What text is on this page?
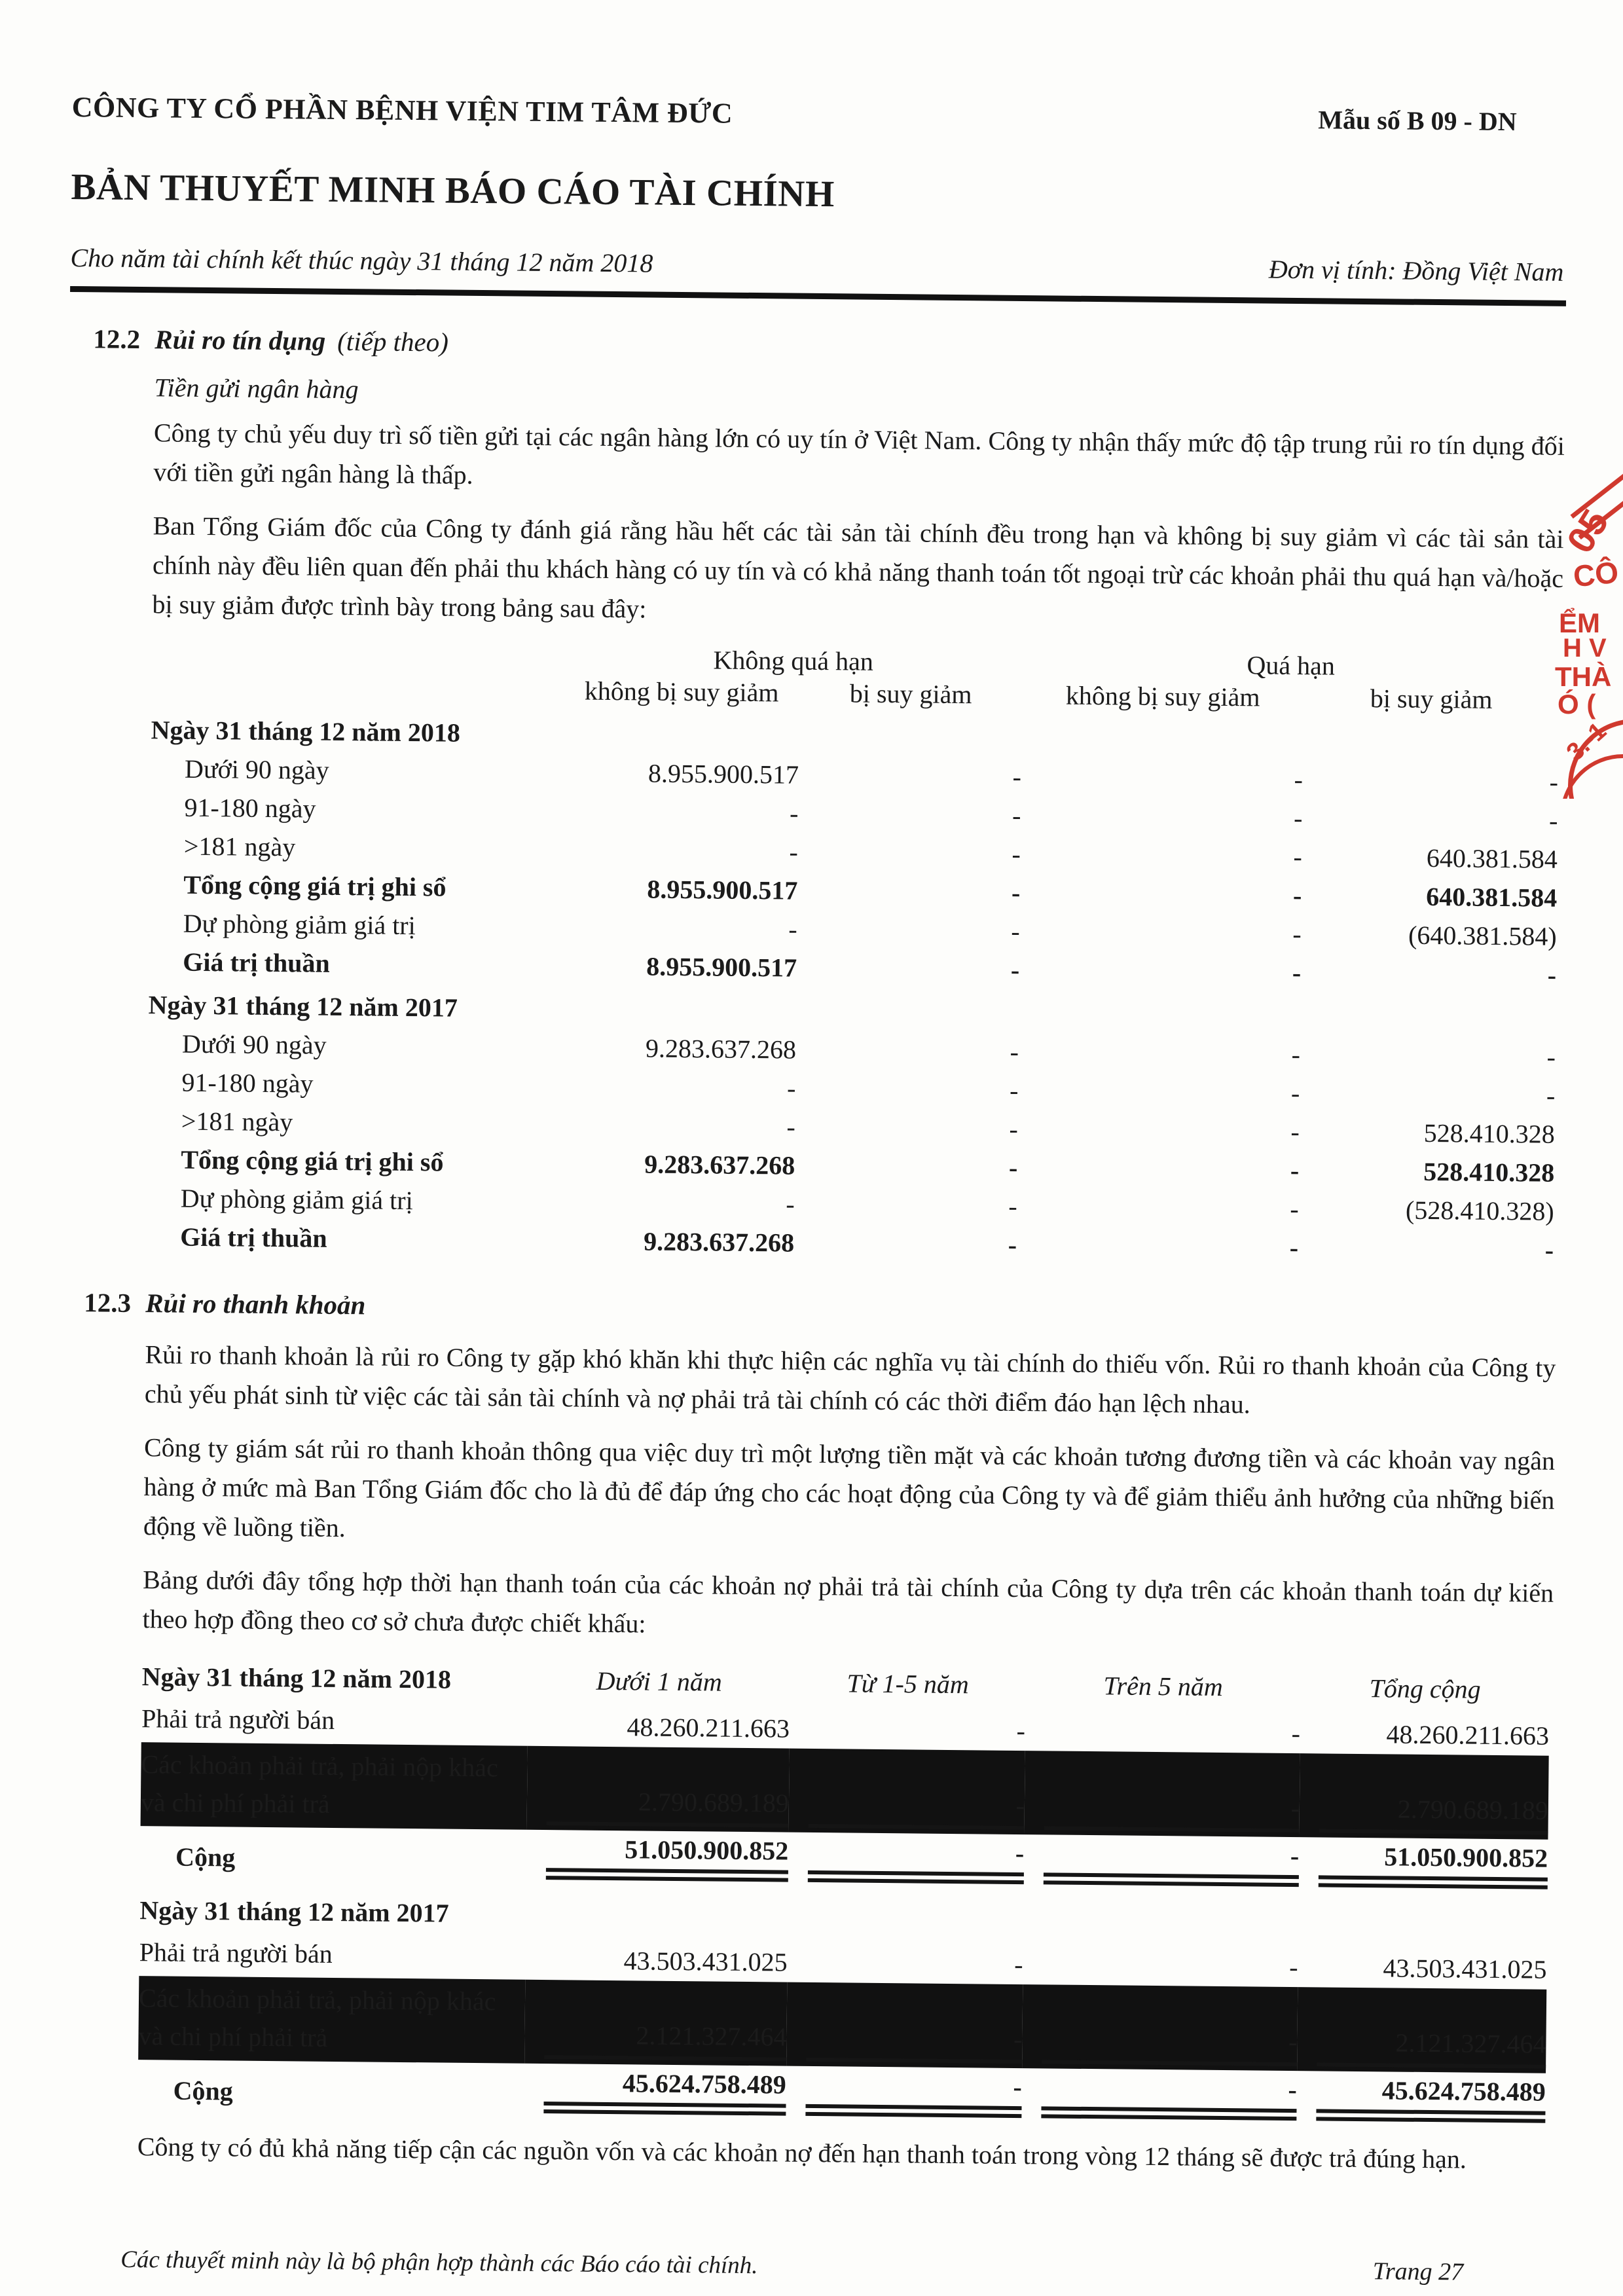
CÔNG TY CỔ PHẦN BỆNH VIỆN TIM TÂM ĐỨC	Mẫu số B 09 - DN
BẢN THUYẾT MINH BÁO CÁO TÀI CHÍNH
Cho năm tài chính kết thúc ngày 31 tháng 12 năm 2018	Đơn vị tính: Đồng Việt Nam
12.2 Rủi ro tín dụng (tiếp theo)
Tiền gửi ngân hàng

Công ty chủ yếu duy trì số tiền gửi tại các ngân hàng lớn có uy tín ở Việt Nam. Công ty nhận thấy mức độ tập trung rủi ro tín dụng đối với tiền gửi ngân hàng là thấp.

Ban Tổng Giám đốc của Công ty đánh giá rằng hầu hết các tài sản tài chính đều trong hạn và không bị suy giảm vì các tài sản tài chính này đều liên quan đến phải thu khách hàng có uy tín và có khả năng thanh toán tốt ngoại trừ các khoản phải thu quá hạn và/hoặc bị suy giảm được trình bày trong bảng sau đây:

	Không quá hạn		Quá hạn	
	không bị suy giảm	bị suy giảm	không bị suy giảm	bị suy giảm
Ngày 31 tháng 12 năm 2018				
Dưới 90 ngày	8.955.900.517	-	-	-

91-180 ngày	-	-	-	-

>181 ngày	-	-	-	640.381.584

Tổng cộng giá trị ghi sổ	8.955.900.517	-	-	640.381.584

Dự phòng giảm giá trị	-	-	-	(640.381.584)

Giá trị thuần	8.955.900.517	-	-	-

Ngày 31 tháng 12 năm 2017				
Dưới 90 ngày	9.283.637.268	-	-	-

91-180 ngày	-	-	-	-

>181 ngày	-	-	-	528.410.328

Tổng cộng giá trị ghi sổ	9.283.637.268	-	-	528.410.328

Dự phòng giảm giá trị	-	-	-	(528.410.328)

Giá trị thuần	9.283.637.268	-	-	-
12.3 Rủi ro thanh khoản

Rủi ro thanh khoản là rủi ro Công ty gặp khó khăn khi thực hiện các nghĩa vụ tài chính do thiếu vốn. Rủi ro thanh khoản của Công ty chủ yếu phát sinh từ việc các tài sản tài chính và nợ phải trả tài chính có các thời điểm đáo hạn lệch nhau.

Công ty giám sát rủi ro thanh khoản thông qua việc duy trì một lượng tiền mặt và các khoản tương đương tiền và các khoản vay ngân hàng ở mức mà Ban Tổng Giám đốc cho là đủ để đáp ứng cho các hoạt động của Công ty và để giảm thiểu ảnh hưởng của những biến động về luồng tiền.

Bảng dưới đây tổng hợp thời hạn thanh toán của các khoản nợ phải trả tài chính của Công ty dựa trên các khoản thanh toán dự kiến theo hợp đồng theo cơ sở chưa được chiết khấu:

Ngày 31 tháng 12 năm 2018	Dưới 1 năm	Từ 1-5 năm	Trên 5 năm	Tổng cộng
Phải trả người bán	48.260.211.663	-	-	48.260.211.663

Các khoản phải trả, phải nộp khác và chi phí phải trả	2.790.689.189	-	-	2.790.689.189

Cộng	51.050.900.852	-	-	51.050.900.852

Ngày 31 tháng 12 năm 2017				
Phải trả người bán	43.503.431.025	-	-	43.503.431.025

Các khoản phải trả, phải nộp khác và chi phí phải trả	2.121.327.464	-	-	2.121.327.464

Cộng	45.624.758.489	-	-	45.624.758.489

Công ty có đủ khả năng tiếp cận các nguồn vốn và các khoản nợ đến hạn thanh toán trong vòng 12 tháng sẽ được trả đúng hạn.

Các thuyết minh này là bộ phận hợp thành các Báo cáo tài chính.	Trang 27
05
CÔ
ỂM
H V
THÀ
Ó (
3.-1
